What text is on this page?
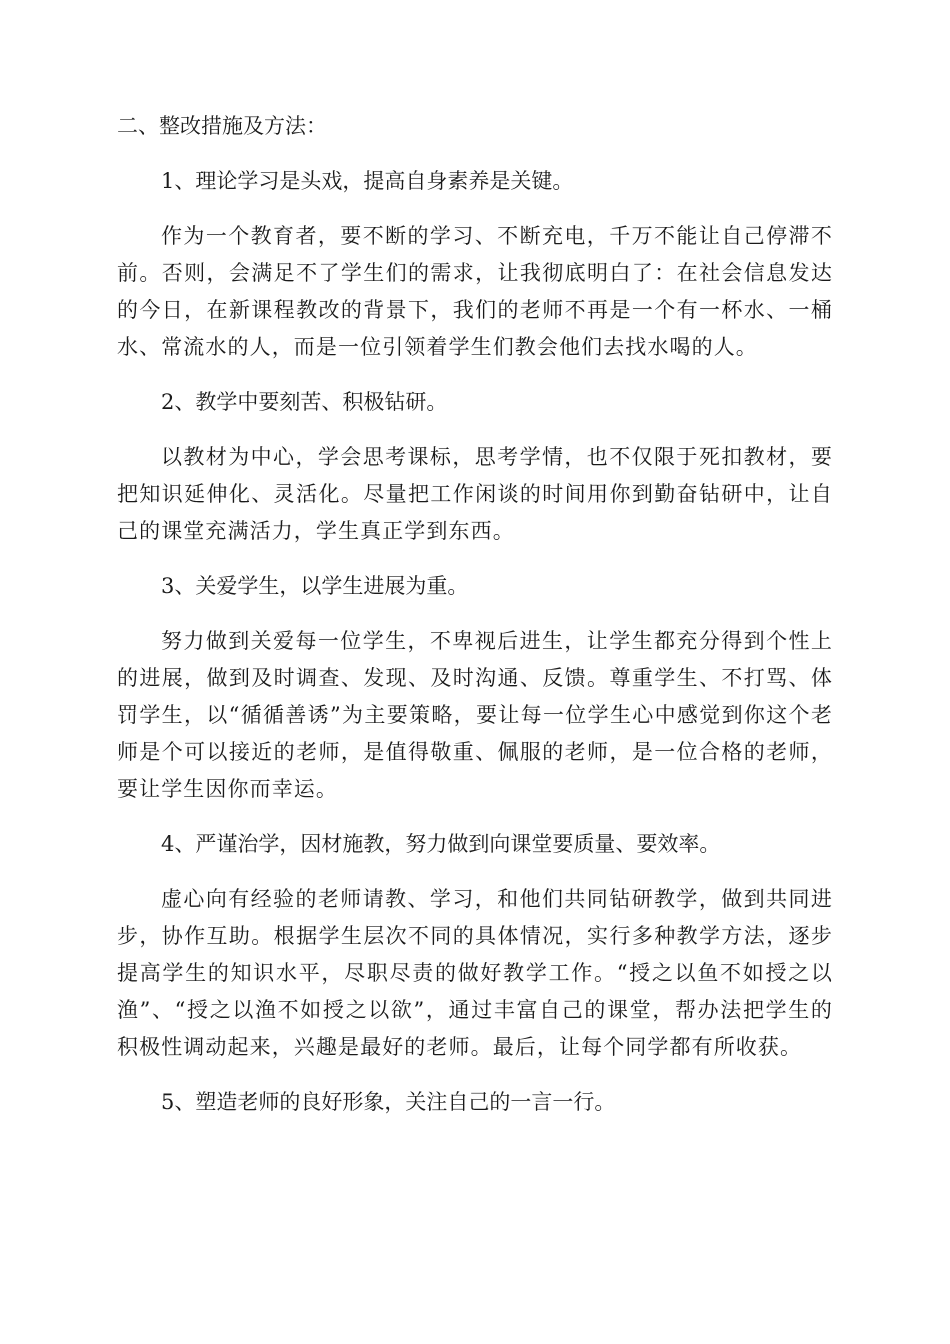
二、整改措施及方法：
1、理论学习是头戏，提高自身素养是关键。
作为一个教育者，要不断的学习、不断充电，千万不能让自己停滞不前。否则，会满足不了学生们的需求，让我彻底明白了：在社会信息发达的今日，在新课程教改的背景下，我们的老师不再是一个有一杯水、一桶水、常流水的人，而是一位引领着学生们教会他们去找水喝的人。
2、教学中要刻苦、积极钻研。
以教材为中心，学会思考课标，思考学情，也不仅限于死扣教材，要把知识延伸化、灵活化。尽量把工作闲谈的时间用你到勤奋钻研中，让自己的课堂充满活力，学生真正学到东西。
3、关爱学生，以学生进展为重。
努力做到关爱每一位学生，不卑视后进生，让学生都充分得到个性上的进展，做到及时调查、发现、及时沟通、反馈。尊重学生、不打骂、体罚学生，以“循循善诱”为主要策略，要让每一位学生心中感觉到你这个老师是个可以接近的老师，是值得敬重、佩服的老师，是一位合格的老师，要让学生因你而幸运。
4、严谨治学，因材施教，努力做到向课堂要质量、要效率。
虚心向有经验的老师请教、学习，和他们共同钻研教学，做到共同进步，协作互助。根据学生层次不同的具体情况，实行多种教学方法，逐步提高学生的知识水平，尽职尽责的做好教学工作。“授之以鱼不如授之以渔”、“授之以渔不如授之以欲”，通过丰富自己的课堂，帮办法把学生的积极性调动起来，兴趣是最好的老师。最后，让每个同学都有所收获。
5、塑造老师的良好形象，关注自己的一言一行。
